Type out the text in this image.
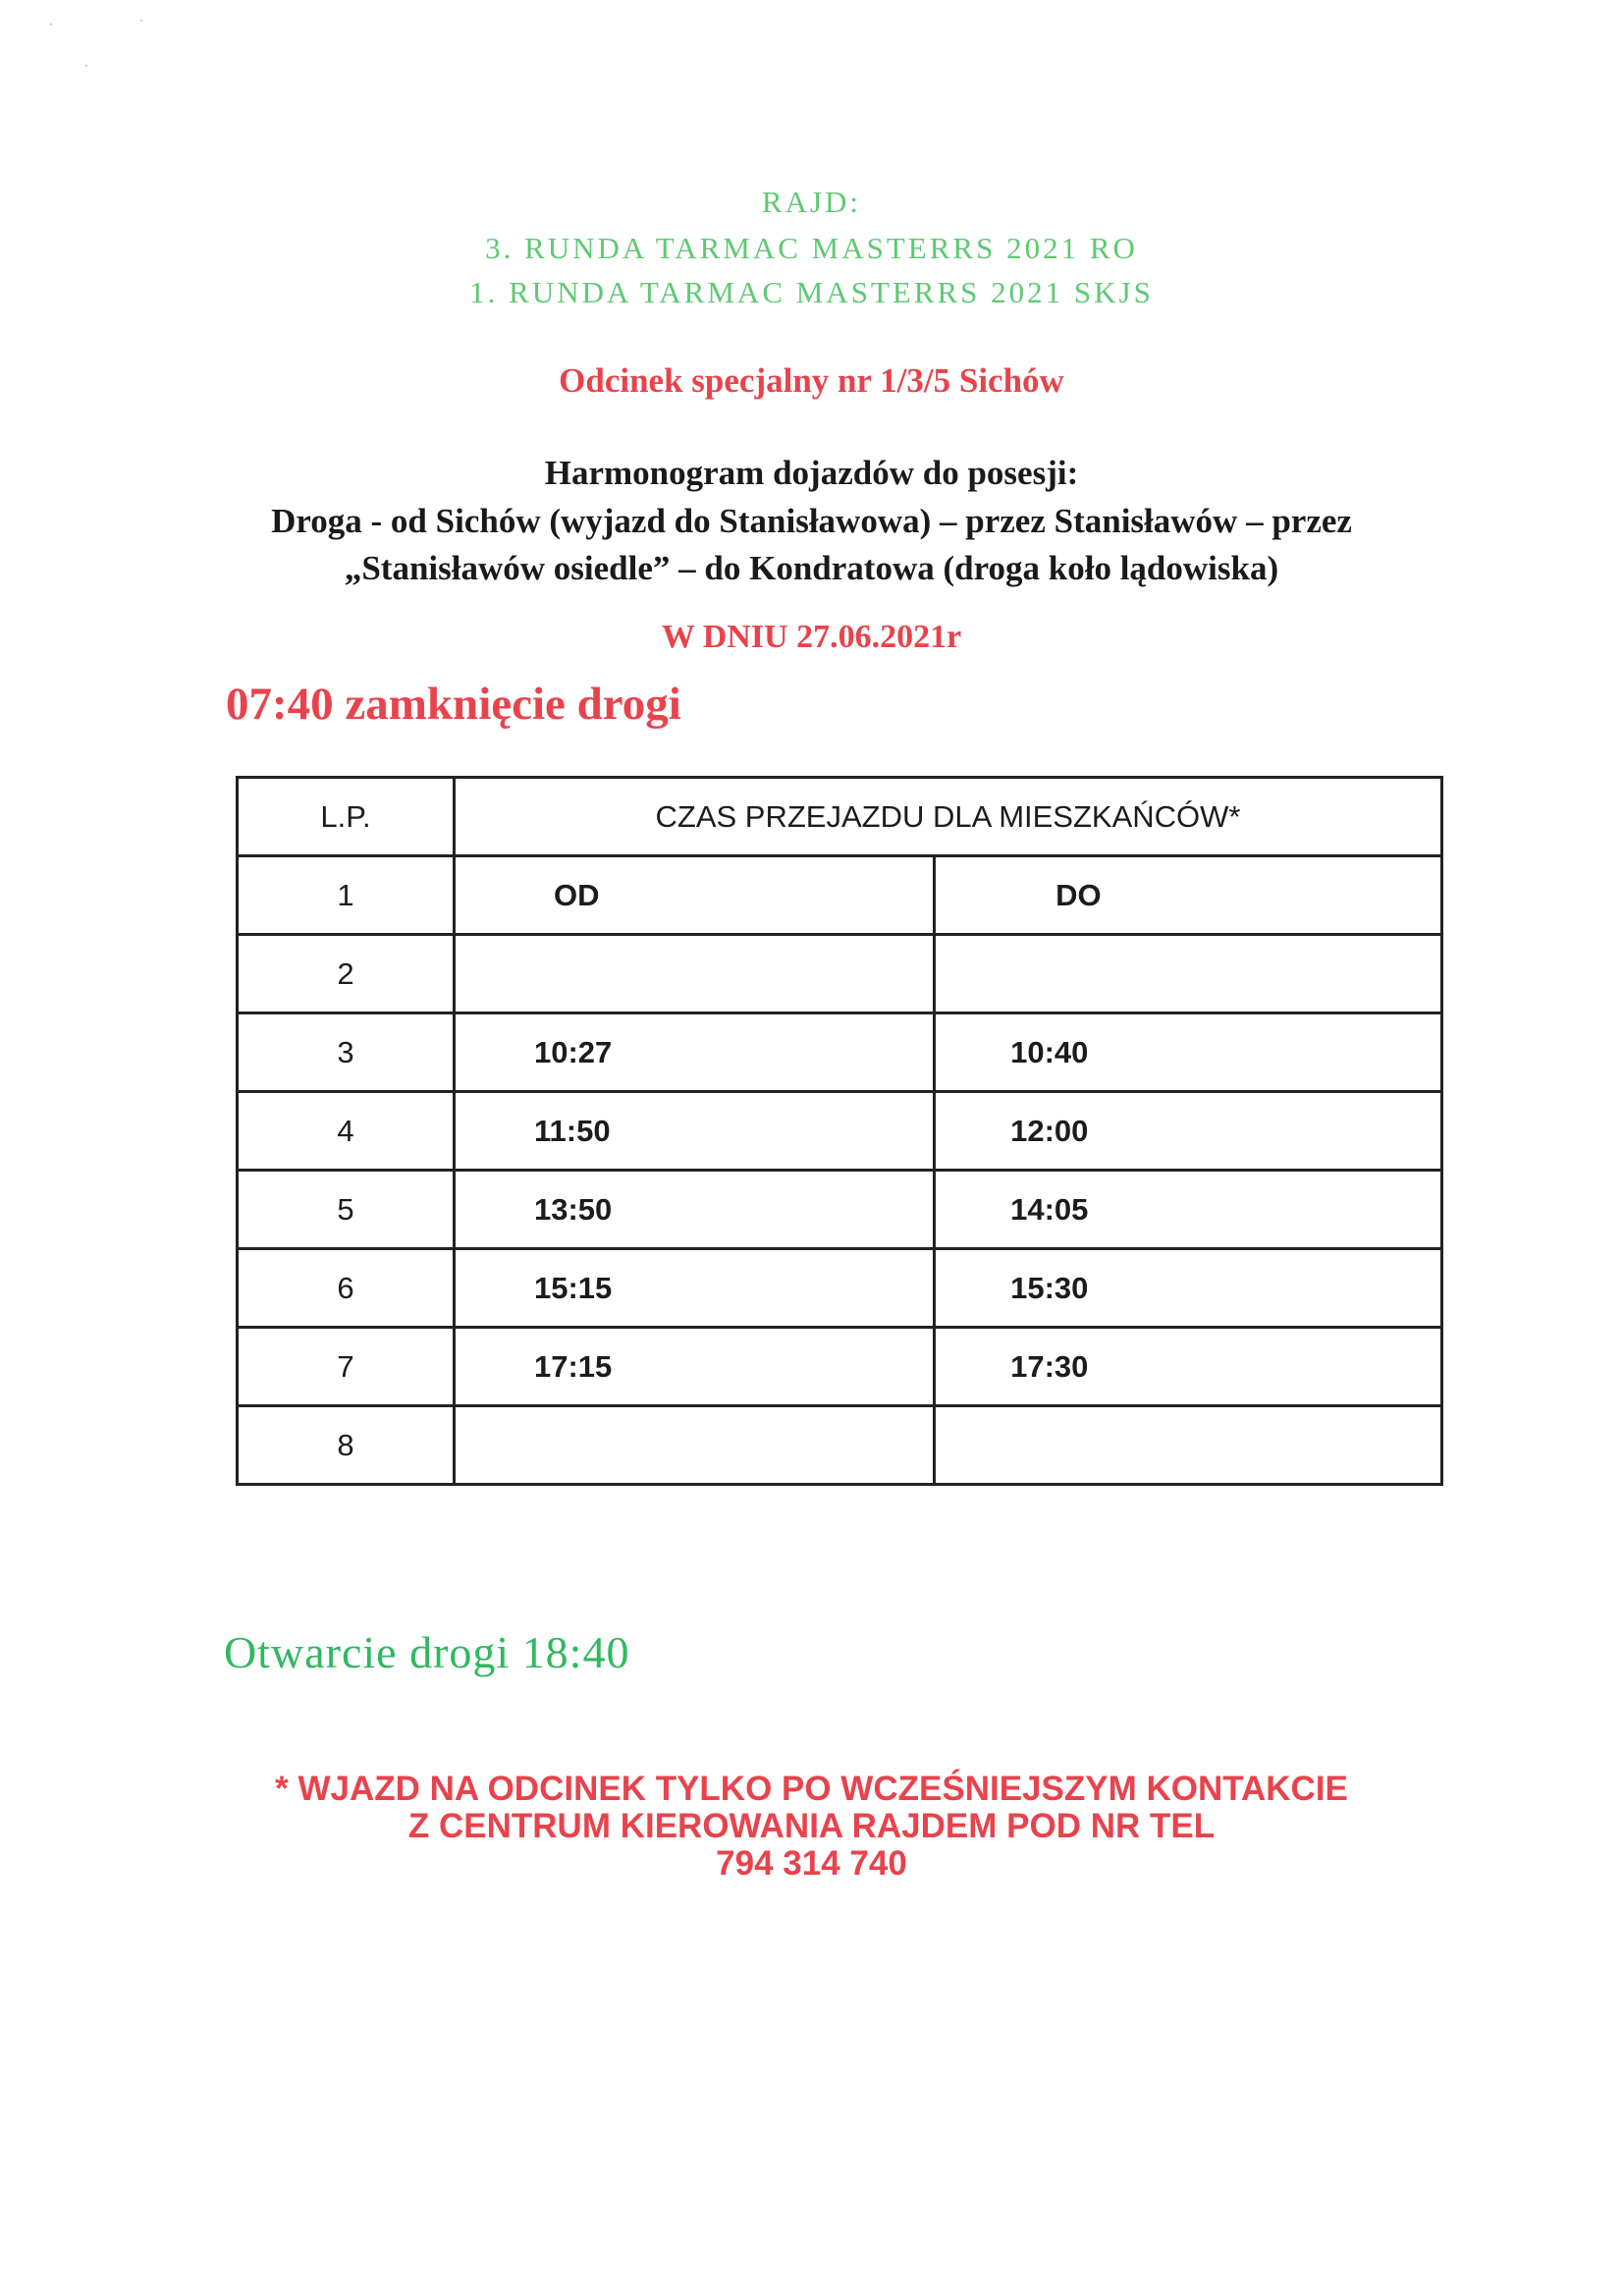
·	·
·
RAJD:
3. RUNDA TARMAC MASTERRS 2021 RO
1. RUNDA TARMAC MASTERRS 2021 SKJS
Odcinek specjalny nr 1/3/5 Sichów
Harmonogram dojazdów do posesji:
Droga - od Sichów (wyjazd do Stanisławowa) – przez Stanisławów – przez
„Stanisławów osiedle” – do Kondratowa (droga koło lądowiska)
W DNIU 27.06.2021r
07:40 zamknięcie drogi
L.P.	CZAS PRZEJAZDU DLA MIESZKAŃCÓW*	
1	OD	DO
2		
3	10:27	10:40
4	11:50	12:00
5	13:50	14:05
6	15:15	15:30
7	17:15	17:30
8		
Otwarcie drogi 18:40
* WJAZD NA ODCINEK TYLKO PO WCZEŚNIEJSZYM KONTAKCIE
Z CENTRUM KIEROWANIA RAJDEM POD NR TEL
794 314 740
